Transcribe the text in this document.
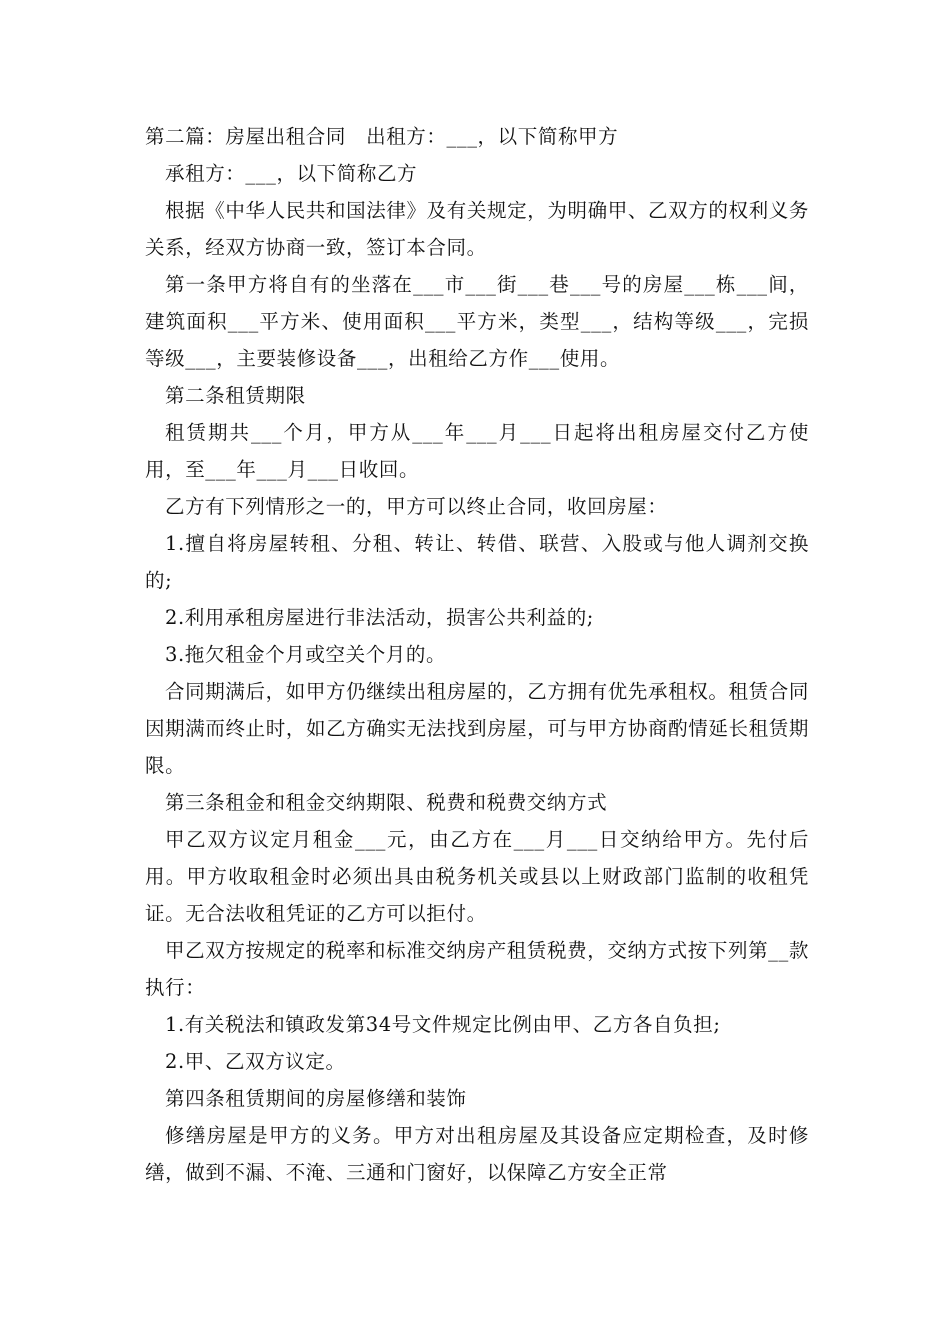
第二篇：房屋出租合同　出租方：___，以下简称甲方

承租方：___，以下简称乙方

根据《中华人民共和国法律》及有关规定，为明确甲、乙双方的权利义务关系，经双方协商一致，签订本合同。

第一条甲方将自有的坐落在___市___街___巷___号的房屋___栋___间，建筑面积___平方米、使用面积___平方米，类型___，结构等级___，完损等级___，主要装修设备___，出租给乙方作___使用。

第二条租赁期限

租赁期共___个月，甲方从___年___月___日起将出租房屋交付乙方使用，至___年___月___日收回。

乙方有下列情形之一的，甲方可以终止合同，收回房屋：

1.擅自将房屋转租、分租、转让、转借、联营、入股或与他人调剂交换的;

2.利用承租房屋进行非法活动，损害公共利益的;

3.拖欠租金个月或空关个月的。

合同期满后，如甲方仍继续出租房屋的，乙方拥有优先承租权。租赁合同因期满而终止时，如乙方确实无法找到房屋，可与甲方协商酌情延长租赁期限。

第三条租金和租金交纳期限、税费和税费交纳方式

甲乙双方议定月租金___元，由乙方在___月___日交纳给甲方。先付后用。甲方收取租金时必须出具由税务机关或县以上财政部门监制的收租凭证。无合法收租凭证的乙方可以拒付。

甲乙双方按规定的税率和标准交纳房产租赁税费，交纳方式按下列第__款执行：

1.有关税法和镇政发第34号文件规定比例由甲、乙方各自负担;

2.甲、乙双方议定。

第四条租赁期间的房屋修缮和装饰

修缮房屋是甲方的义务。甲方对出租房屋及其设备应定期检查，及时修缮，做到不漏、不淹、三通和门窗好，以保障乙方安全正常
